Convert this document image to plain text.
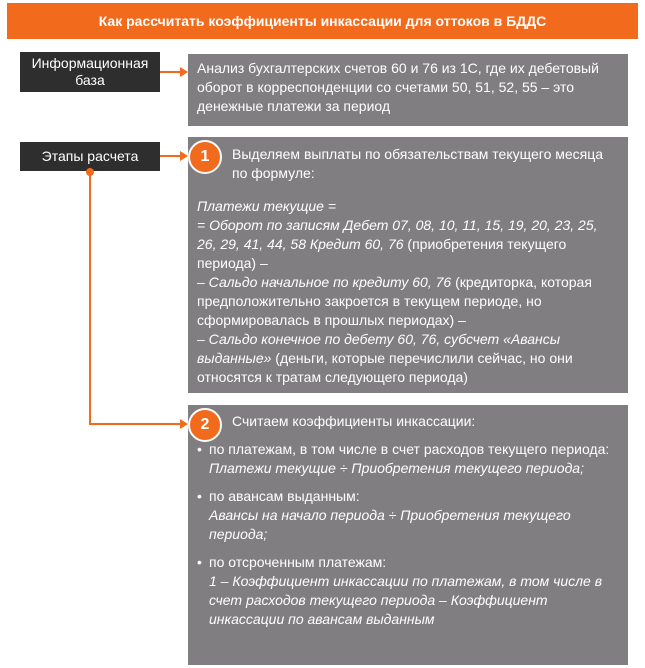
Как рассчитать коэффициенты инкассации для оттоков в БДДС
Информационная база
Этапы расчета

Анализ бухгалтерских счетов 60 и 76 из 1С, где их дебетовый оборот в корреспонденции со счетами 50, 51, 52, 55 – это денежные платежи за период

Выделяем выплаты по обязательствам текущего месяца по формуле:

Платежи текущие =

= Оборот по записям Дебет 07, 08, 10, 11, 15, 19, 20, 23, 25, 26, 29, 41, 44, 58 Кредит 60, 76 (приобретения текущего периода) –

– Сальдо начальное по кредиту 60, 76 (кредиторка, которая предположительно закроется в текущем периоде, но сформировалась в прошлых периодах) –

– Сальдо конечное по дебету 60, 76, субсчет «Авансы выданные» (деньги, которые перечислили сейчас, но они относятся к тратам следующего периода)

Считаем коэффициенты инкассации:

• по платежам, в том числе в счет расходов текущего периода:

Платежи текущие ÷ Приобретения текущего периода;

• по авансам выданным:

Авансы на начало периода ÷ Приобретения текущего периода;

• по отсроченным платежам:

1 – Коэффициент инкассации по платежам, в том числе в счет расходов текущего периода – Коэффициент инкассации по авансам выданным

1
2
